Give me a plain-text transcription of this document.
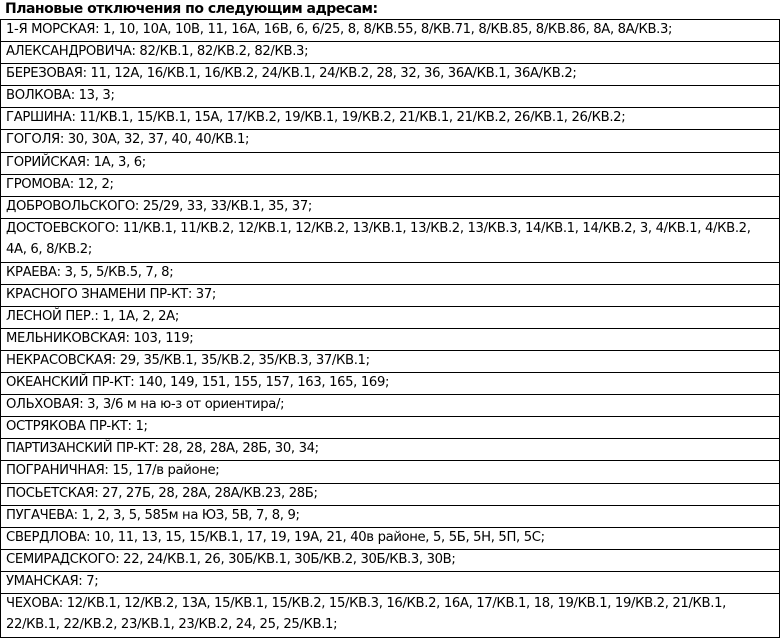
Плановые отключения по следующим адресам:
1-Я МОРСКАЯ: 1, 10, 10А, 10В, 11, 16А, 16В, 6, 6/25, 8, 8/КВ.55, 8/КВ.71, 8/КВ.85, 8/КВ.86, 8А, 8А/КВ.3;
АЛЕКСАНДРОВИЧА: 82/КВ.1, 82/КВ.2, 82/КВ.3;
БЕРЕЗОВАЯ: 11, 12А, 16/КВ.1, 16/КВ.2, 24/КВ.1, 24/КВ.2, 28, 32, 36, 36А/КВ.1, 36А/КВ.2;
ВОЛКОВА: 13, 3;
ГАРШИНА: 11/КВ.1, 15/КВ.1, 15А, 17/КВ.2, 19/КВ.1, 19/КВ.2, 21/КВ.1, 21/КВ.2, 26/КВ.1, 26/КВ.2;
ГОГОЛЯ: 30, 30А, 32, 37, 40, 40/КВ.1;
ГОРИЙСКАЯ: 1А, 3, 6;
ГРОМОВА: 12, 2;
ДОБРОВОЛЬСКОГО: 25/29, 33, 33/КВ.1, 35, 37;
ДОСТОЕВСКОГО: 11/КВ.1, 11/КВ.2, 12/КВ.1, 12/КВ.2, 13/КВ.1, 13/КВ.2, 13/КВ.3, 14/КВ.1, 14/КВ.2, 3, 4/КВ.1, 4/КВ.2,
4А, 6, 8/КВ.2;
КРАЕВА: 3, 5, 5/КВ.5, 7, 8;
КРАСНОГО ЗНАМЕНИ ПР-КТ: 37;
ЛЕСНОЙ ПЕР.: 1, 1А, 2, 2А;
МЕЛЬНИКОВСКАЯ: 103, 119;
НЕКРАСОВСКАЯ: 29, 35/КВ.1, 35/КВ.2, 35/КВ.3, 37/КВ.1;
ОКЕАНСКИЙ ПР-КТ: 140, 149, 151, 155, 157, 163, 165, 169;
ОЛЬХОВАЯ: 3, 3/6 м на ю-з от ориентира/;
ОСТРЯКОВА ПР-КТ: 1;
ПАРТИЗАНСКИЙ ПР-КТ: 28, 28, 28А, 28Б, 30, 34;
ПОГРАНИЧНАЯ: 15, 17/в районе;
ПОСЬЕТСКАЯ: 27, 27Б, 28, 28А, 28А/КВ.23, 28Б;
ПУГАЧЕВА: 1, 2, 3, 5, 585м на ЮЗ, 5В, 7, 8, 9;
СВЕРДЛОВА: 10, 11, 13, 15, 15/КВ.1, 17, 19, 19А, 21, 40в районе, 5, 5Б, 5Н, 5П, 5С;
СЕМИРАДСКОГО: 22, 24/КВ.1, 26, 30Б/КВ.1, 30Б/КВ.2, 30Б/КВ.3, 30В;
УМАНСКАЯ: 7;
ЧЕХОВА: 12/КВ.1, 12/КВ.2, 13А, 15/КВ.1, 15/КВ.2, 15/КВ.3, 16/КВ.2, 16А, 17/КВ.1, 18, 19/КВ.1, 19/КВ.2, 21/КВ.1,
22/КВ.1, 22/КВ.2, 23/КВ.1, 23/КВ.2, 24, 25, 25/КВ.1;
